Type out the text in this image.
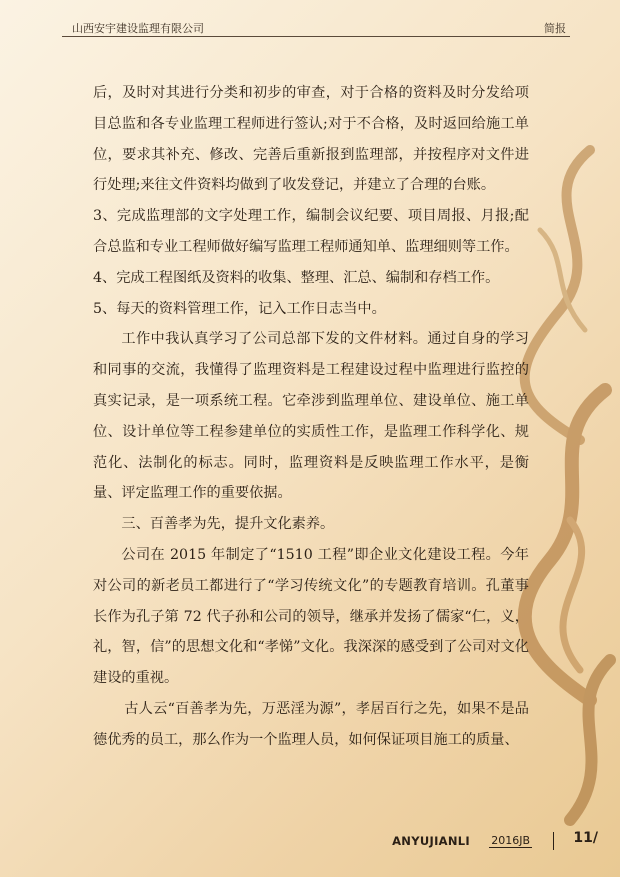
山西安宇建设监理有限公司	简报

后，及时对其进行分类和初步的审查，对于合格的资料及时分发给项目总监和各专业监理工程师进行签认;对于不合格，及时返回给施工单位，要求其补充、修改、完善后重新报到监理部，并按程序对文件进行处理;来往文件资料均做到了收发登记，并建立了合理的台账。

3、完成监理部的文字处理工作，编制会议纪要、项目周报、月报;配合总监和专业工程师做好编写监理工程师通知单、监理细则等工作。

4、完成工程图纸及资料的收集、整理、汇总、编制和存档工作。

5、每天的资料管理工作，记入工作日志当中。

工作中我认真学习了公司总部下发的文件材料。通过自身的学习和同事的交流，我懂得了监理资料是工程建设过程中监理进行监控的真实记录，是一项系统工程。它牵涉到监理单位、建设单位、施工单位、设计单位等工程参建单位的实质性工作，是监理工作科学化、规范化、法制化的标志。同时，监理资料是反映监理工作水平，是衡量、评定监理工作的重要依据。

三、百善孝为先，提升文化素养。

公司在 2015 年制定了“1510 工程”即企业文化建设工程。今年对公司的新老员工都进行了“学习传统文化”的专题教育培训。孔董事长作为孔子第 72 代子孙和公司的领导，继承并发扬了儒家“仁，义，礼，智，信”的思想文化和“孝悌”文化。我深深的感受到了公司对文化建设的重视。

古人云“百善孝为先，万恶淫为源”，孝居百行之先，如果不是品德优秀的员工，那么作为一个监理人员，如何保证项目施工的质量、

ANYUJIANLI 2016JB	11/
